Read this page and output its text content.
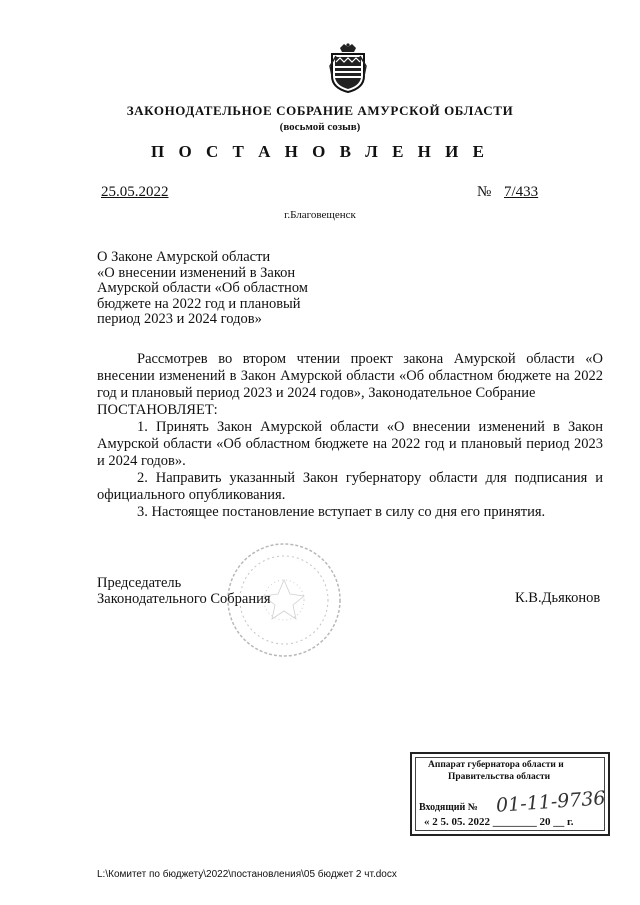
ЗАКОНОДАТЕЛЬНОЕ СОБРАНИЕ АМУРСКОЙ ОБЛАСТИ
(восьмой созыв)
П О С Т А Н О В Л Е Н И Е
25.05.2022	№ 7/433
г.Благовещенск
О Законе Амурской области
«О внесении изменений в Закон
Амурской области «Об областном
бюджете на 2022 год и плановый
период 2023 и 2024 годов»

Рассмотрев во втором чтении проект закона Амурской области «О внесении изменений в Закон Амурской области «Об областном бюджете на 2022 год и плановый период 2023 и 2024 годов», Законодательное Собрание

ПОСТАНОВЛЯЕТ:

1. Принять Закон Амурской области «О внесении изменений в Закон Амурской области «Об областном бюджете на 2022 год и плановый период 2023 и 2024 годов».

2. Направить указанный Закон губернатору области для подписания и официального опубликования.

3. Настоящее постановление вступает в силу со дня его принятия.

Председатель
Законодательного Собрания	К.В.Дьяконов
Аппарат губернатора области и
Правительства области
Входящий № 01-11-9736
« 2 5. 05. 2022 ________ 20 __ г.
L:\Комитет по бюджету\2022\постановления\05 бюджет 2 чт.docx
